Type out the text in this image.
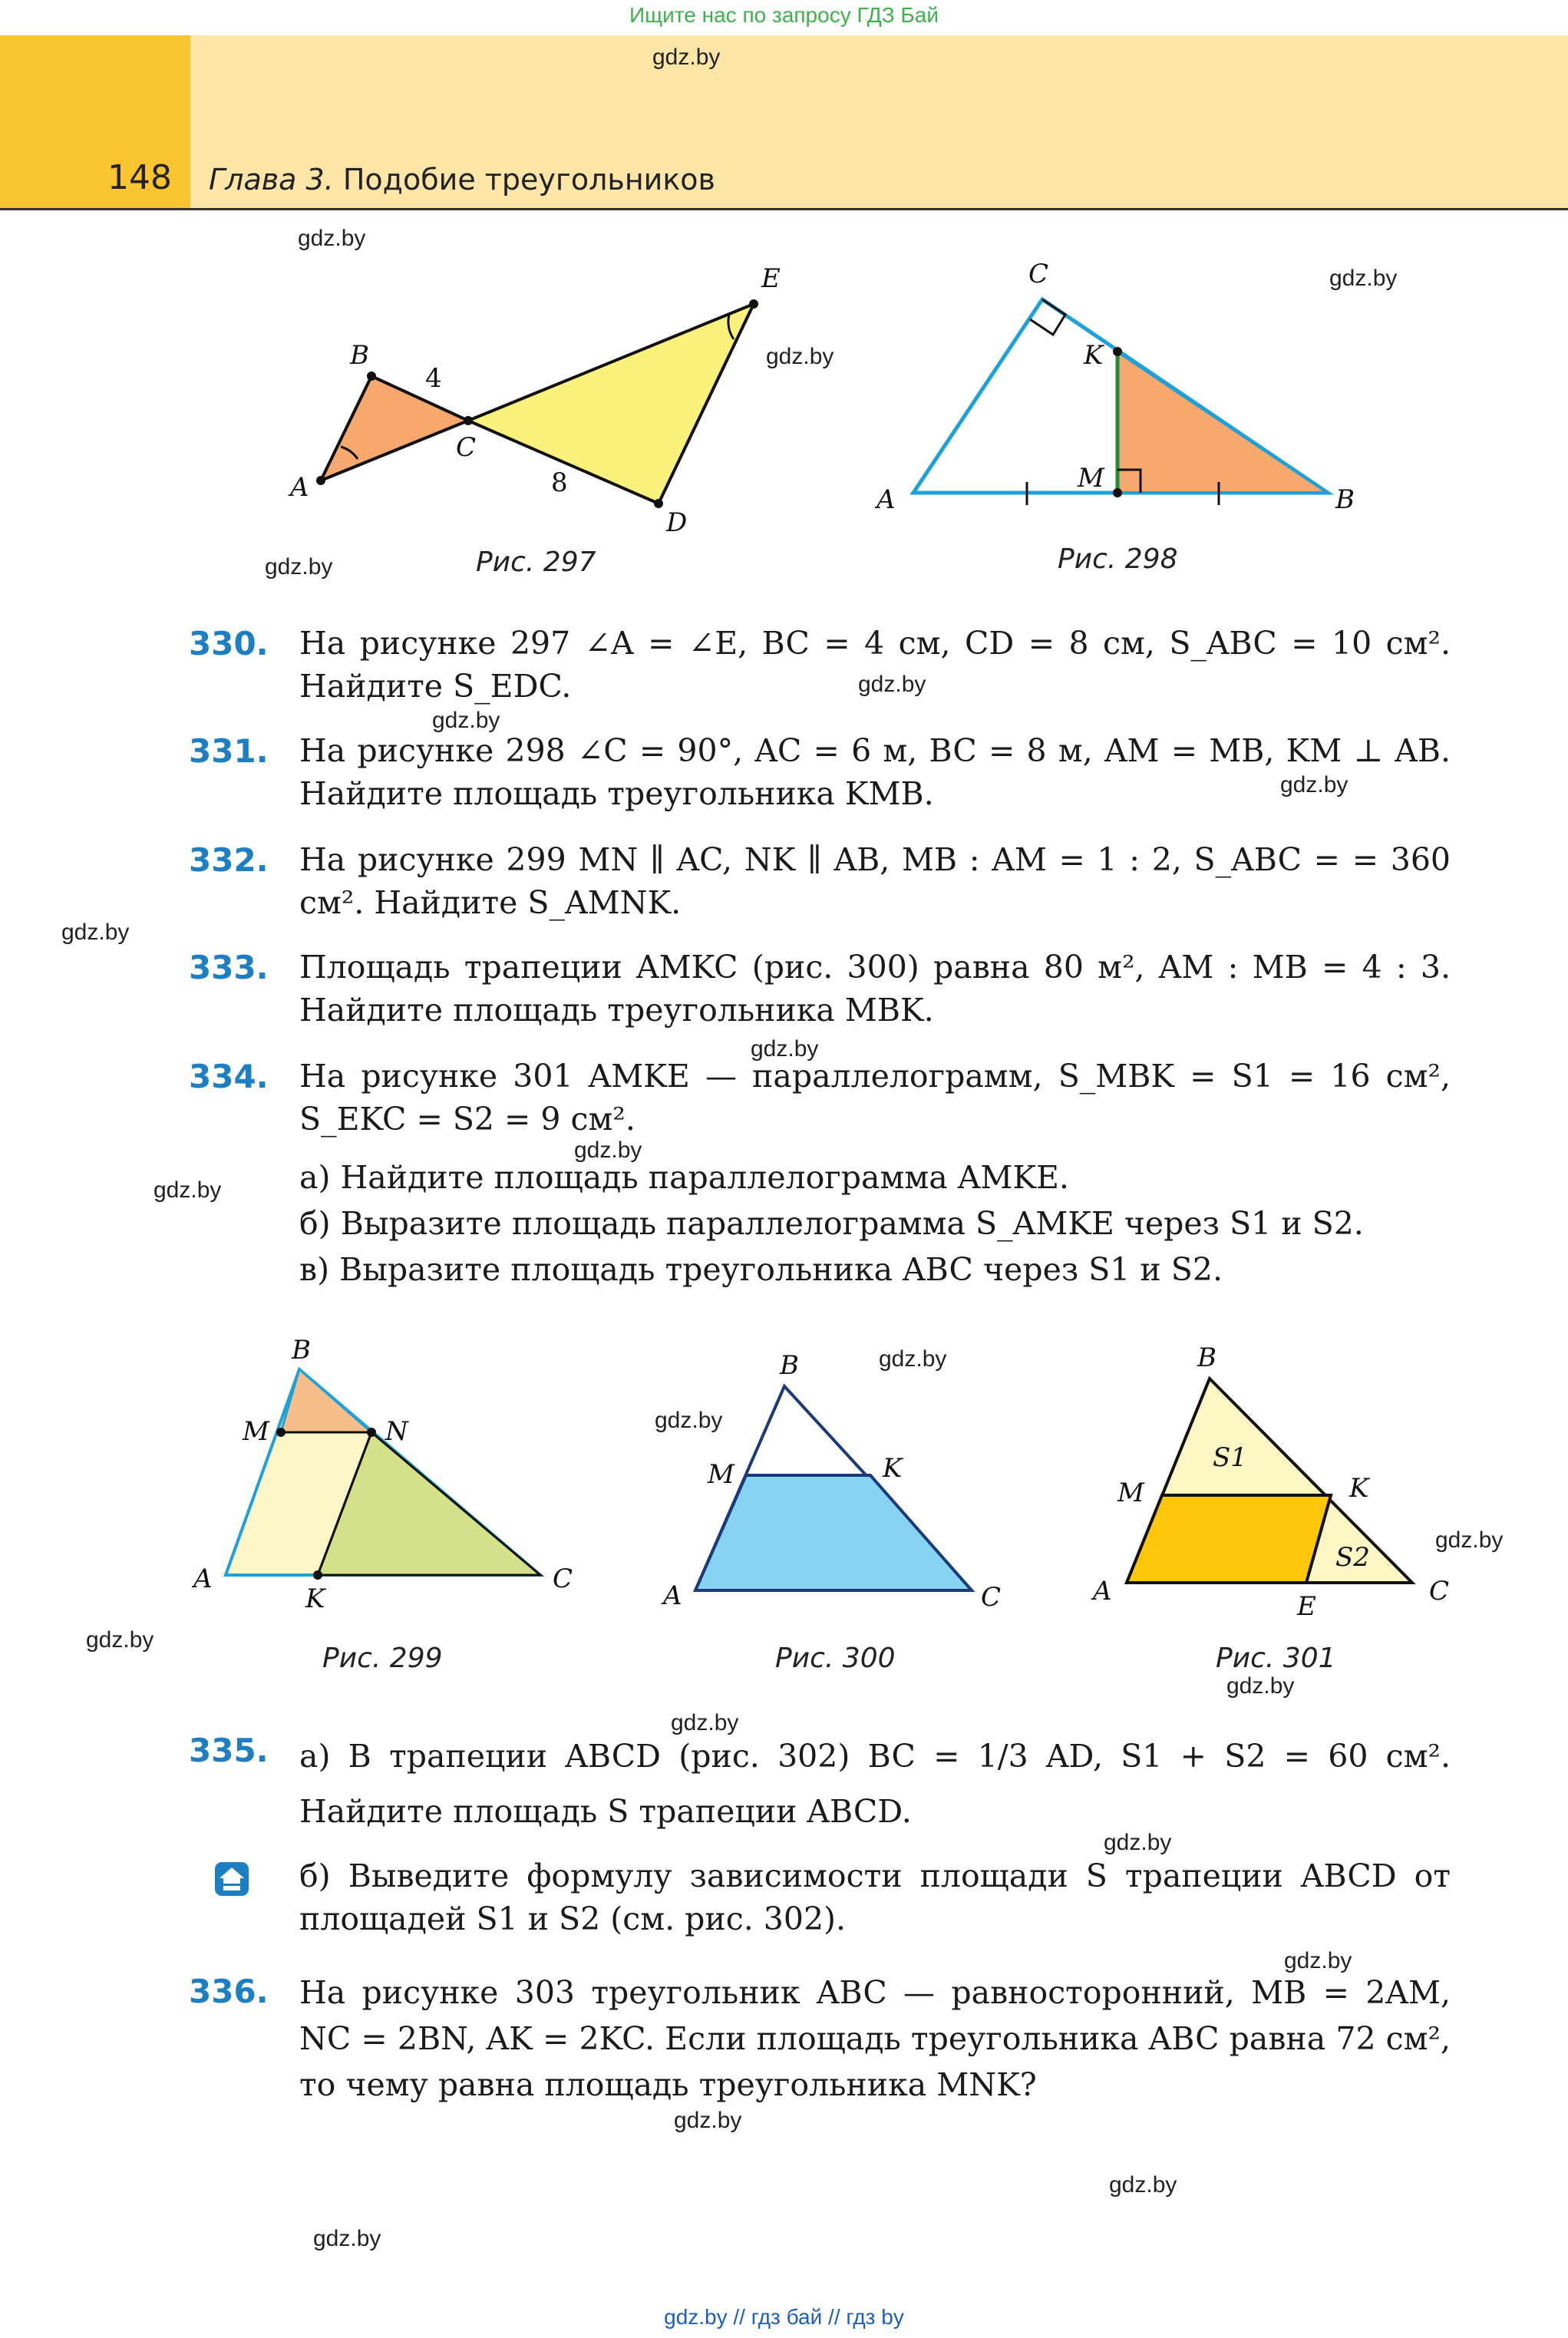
Ищите нас по запросу ГДЗ Бай
148 Глава 3. Подобие треугольников
gdz.by
gdz.by
gdz.by
gdz.by
gdz.by
gdz.by
gdz.by
gdz.by
gdz.by
gdz.by
gdz.by
gdz.by
gdz.by
gdz.by
gdz.by
gdz.by
gdz.by
gdz.by
gdz.by
gdz.by
gdz.by
gdz.by
gdz.by
A
B
C
D
E
4
8
Рис. 297
A	B
C
K
M
Рис. 298
330. На рисунке 297 ∠A = ∠E, BC = 4 см, CD = 8 см, S_ABC = 10 см². Найдите S_EDC.
331. На рисунке 298 ∠C = 90°, AC = 6 м, BC = 8 м, AM = MB, KM ⊥ AB. Найдите площадь треугольника KMB.
332. На рисунке 299 MN ∥ AC, NK ∥ AB, MB : AM = 1 : 2, S_ABC = = 360 см². Найдите S_AMNK.
333. Площадь трапеции AMKC (рис. 300) равна 80 м², AM : MB = 4 : 3. Найдите площадь треугольника MBK.
334. На рисунке 301 AMKE — параллелограмм, S_MBK = S1 = 16 см², S_EKC = S2 = 9 см².
а) Найдите площадь параллелограмма AMKE.
б) Выразите площадь параллелограмма S_AMKE через S1 и S2.
в) Выразите площадь треугольника ABC через S1 и S2.
A
B
C
M	N
K
Рис. 299
A
B
C
M	K
Рис. 300
A
B
C
M	K
E
S1
S2
Рис. 301
335. а) В трапеции ABCD (рис. 302) BC = 1/3 AD, S1 + S2 = 60 см². Найдите площадь S трапеции ABCD.
б) Выведите формулу зависимости площади S трапеции ABCD от площадей S1 и S2 (см. рис. 302).
336. На рисунке 303 треугольник ABC — равносторонний, MB = 2AM, NC = 2BN, AK = 2KC. Если площадь треугольника ABC равна 72 см², то чему равна площадь треугольника MNK?
gdz.by // гдз бай // гдз by
